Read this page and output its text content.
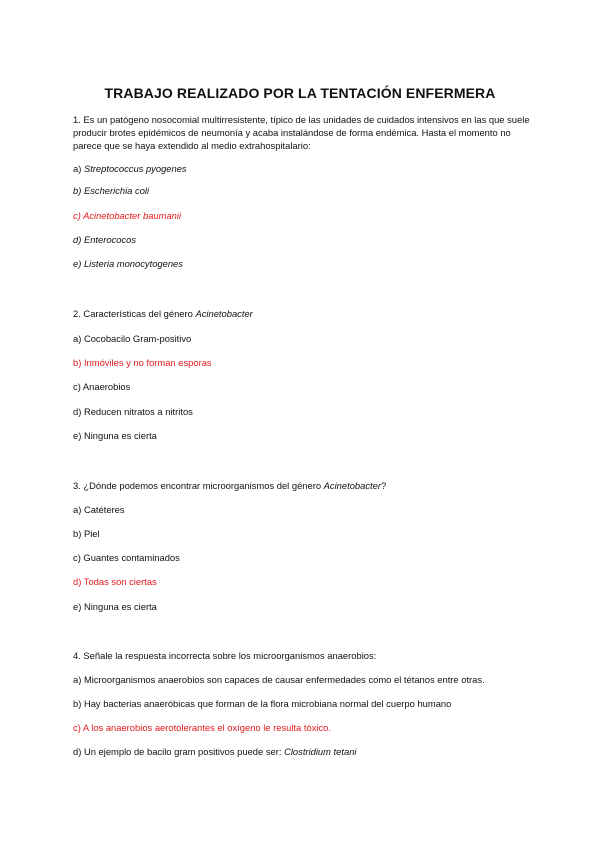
TRABAJO REALIZADO POR LA TENTACIÓN ENFERMERA
1. Es un patógeno nosocomial multirresistente, típico de las unidades de cuidados intensivos en las que suele producir brotes epidémicos de neumonía y acaba instalándose de forma endémica. Hasta el momento no parece que se haya extendido al medio extrahospitalario:
a) Streptococcus pyogenes
b) Escherichia coli
c) Acinetobacter baumanii
d) Enterococos
e) Listeria monocytogenes
2. Características del género Acinetobacter
a) Cocobacilo Gram-positivo
b) Inmóviles y no forman esporas
c) Anaerobios
d) Reducen nitratos a nitritos
e) Ninguna es cierta
3. ¿Dónde podemos encontrar microorganismos del género Acinetobacter?
a) Catéteres
b) Piel
c) Guantes contaminados
d) Todas son ciertas
e) Ninguna es cierta
4. Señale la respuesta incorrecta sobre los microorganismos anaerobios:
a) Microorganismos anaerobios son capaces de causar enfermedades como el tétanos entre otras.
b) Hay bacterias anaeróbicas que forman de la flora microbiana normal del cuerpo humano
c) A los anaerobios aerotolerantes el oxígeno le resulta tóxico.
d) Un ejemplo de bacilo gram positivos puede ser: Clostridium tetani
